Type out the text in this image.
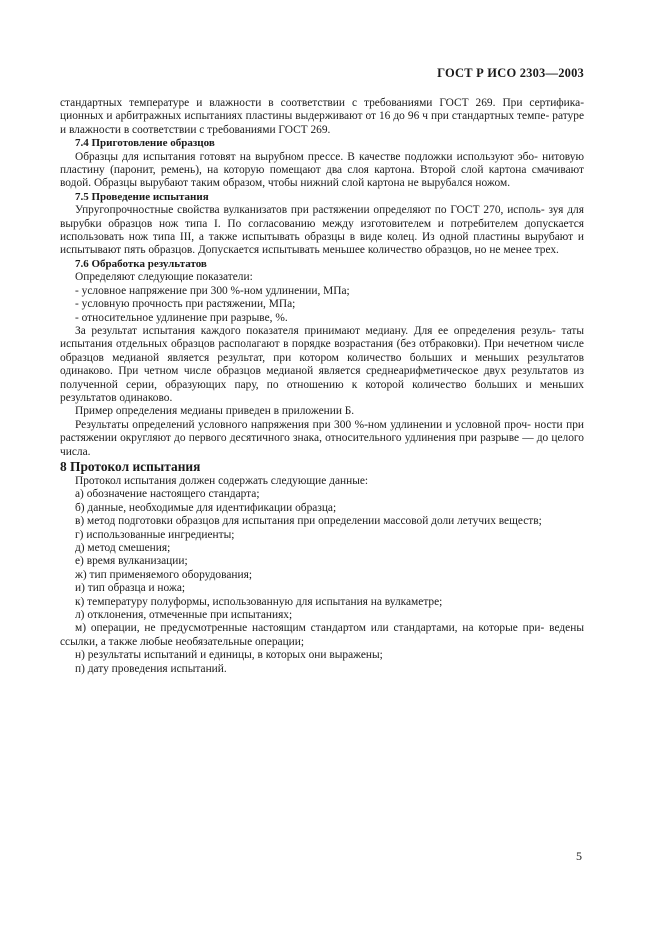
ГОСТ Р ИСО 2303—2003

стандартных температуре и влажности в соответствии с требованиями ГОСТ 269. При сертифика- ционных и арбитражных испытаниях пластины выдерживают от 16 до 96 ч при стандартных темпе- ратуре и влажности в соответствии с требованиями ГОСТ 269.

7.4 Приготовление образцов

Образцы для испытания готовят на вырубном прессе. В качестве подложки используют эбо- нитовую пластину (паронит, ремень), на которую помещают два слоя картона. Второй слой картона смачивают водой. Образцы вырубают таким образом, чтобы нижний слой картона не вырубался ножом.

7.5 Проведение испытания

Упругопрочностные свойства вулканизатов при растяжении определяют по ГОСТ 270, исполь- зуя для вырубки образцов нож типа I. По согласованию между изготовителем и потребителем допускается использовать нож типа III, а также испытывать образцы в виде колец. Из одной пластины вырубают и испытывают пять образцов. Допускается испытывать меньшее количество образцов, но не менее трех.

7.6 Обработка результатов

Определяют следующие показатели:

- условное напряжение при 300 %-ном удлинении, МПа;

- условную прочность при растяжении, МПа;

- относительное удлинение при разрыве, %.

За результат испытания каждого показателя принимают медиану. Для ее определения резуль- таты испытания отдельных образцов располагают в порядке возрастания (без отбраковки). При нечетном числе образцов медианой является результат, при котором количество больших и меньших результатов одинаково. При четном числе образцов медианой является среднеарифметическое двух результатов из полученной серии, образующих пару, по отношению к которой количество больших и меньших результатов одинаково.

Пример определения медианы приведен в приложении Б.

Результаты определений условного напряжения при 300 %-ном удлинении и условной проч- ности при растяжении округляют до первого десятичного знака, относительного удлинения при разрыве — до целого числа.

8 Протокол испытания

Протокол испытания должен содержать следующие данные:

а) обозначение настоящего стандарта;

б) данные, необходимые для идентификации образца;

в) метод подготовки образцов для испытания при определении массовой доли летучих веществ;

г) использованные ингредиенты;

д) метод смешения;

е) время вулканизации;

ж) тип применяемого оборудования;

и) тип образца и ножа;

к) температуру полуформы, использованную для испытания на вулкаметре;

л) отклонения, отмеченные при испытаниях;

м) операции, не предусмотренные настоящим стандартом или стандартами, на которые при- ведены ссылки, а также любые необязательные операции;

н) результаты испытаний и единицы, в которых они выражены;

п) дату проведения испытаний.

5
